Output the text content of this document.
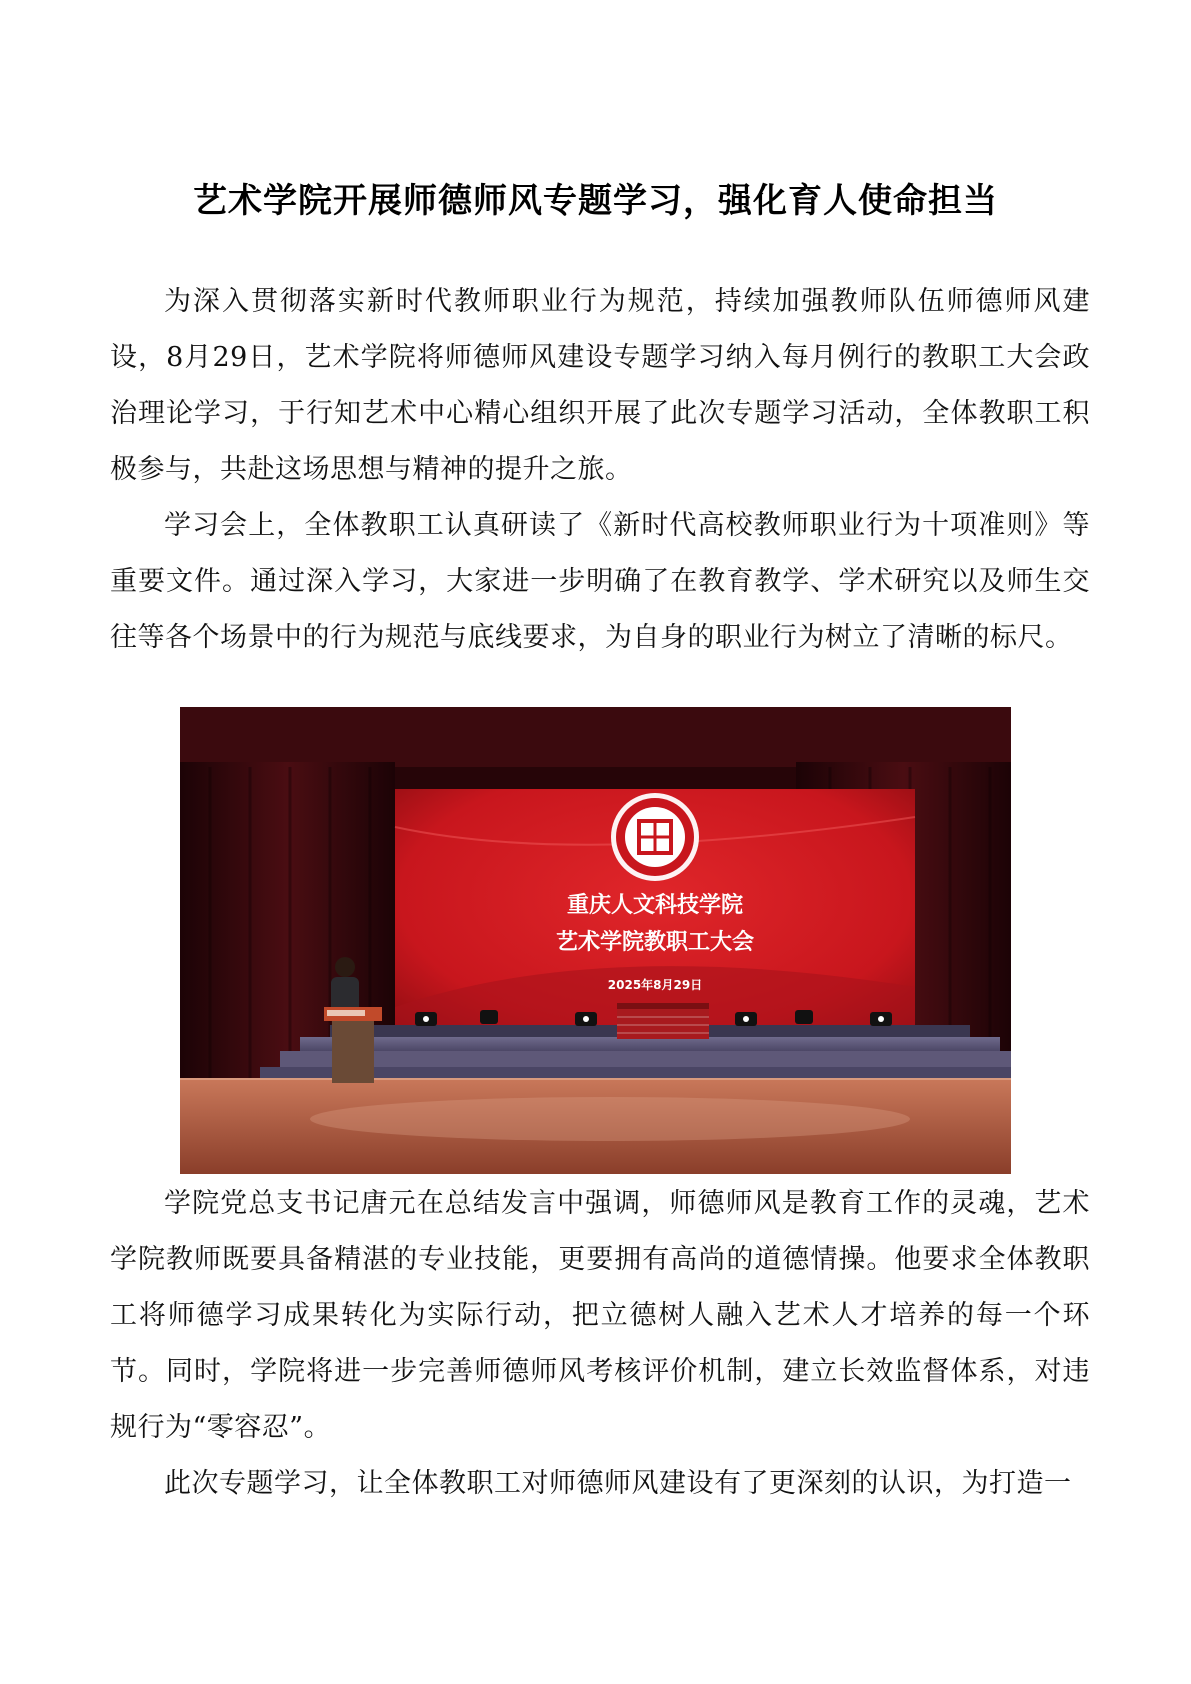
艺术学院开展师德师风专题学习，强化育人使命担当

为深入贯彻落实新时代教师职业行为规范，持续加强教师队伍师德师风建设，8月29日，艺术学院将师德师风建设专题学习纳入每月例行的教职工大会政治理论学习，于行知艺术中心精心组织开展了此次专题学习活动，全体教职工积极参与，共赴这场思想与精神的提升之旅。

学习会上，全体教职工认真研读了《新时代高校教师职业行为十项准则》等重要文件。通过深入学习，大家进一步明确了在教育教学、学术研究以及师生交往等各个场景中的行为规范与底线要求，为自身的职业行为树立了清晰的标尺。

重庆人文科技学院
艺术学院教职工大会
2025年8月29日

学院党总支书记唐元在总结发言中强调，师德师风是教育工作的灵魂，艺术学院教师既要具备精湛的专业技能，更要拥有高尚的道德情操。他要求全体教职工将师德学习成果转化为实际行动，把立德树人融入艺术人才培养的每一个环节。同时，学院将进一步完善师德师风考核评价机制，建立长效监督体系，对违规行为“零容忍”。

此次专题学习，让全体教职工对师德师风建设有了更深刻的认识，为打造一
